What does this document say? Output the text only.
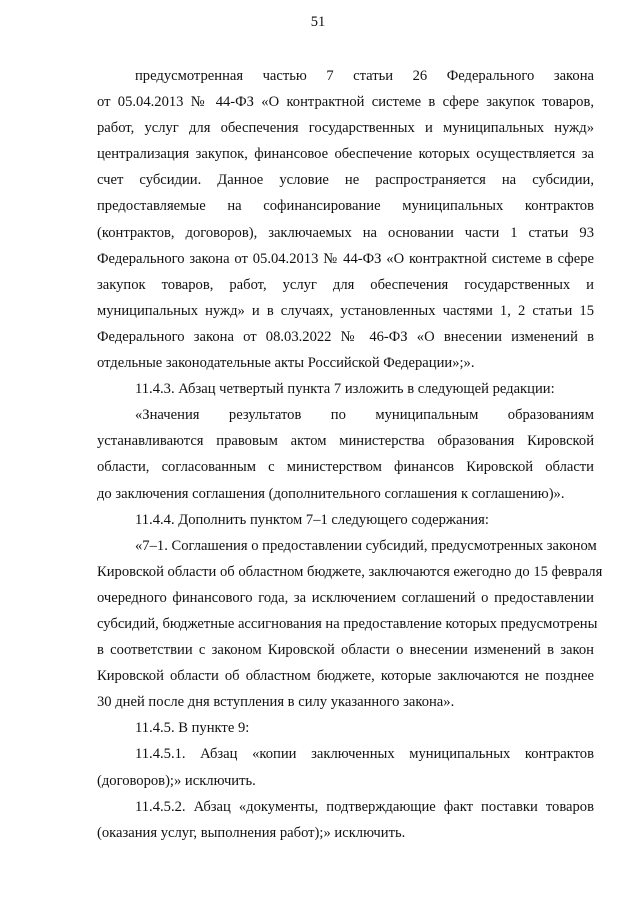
51
предусмотренная частью 7 статьи 26 Федерального закона
от 05.04.2013 № 44-ФЗ «О контрактной системе в сфере закупок товаров,
работ, услуг для обеспечения государственных и муниципальных нужд»
централизация закупок, финансовое обеспечение которых осуществляется за
счет субсидии. Данное условие не распространяется на субсидии,
предоставляемые на софинансирование муниципальных контрактов
(контрактов, договоров), заключаемых на основании части 1 статьи 93
Федерального закона от 05.04.2013 № 44-ФЗ «О контрактной системе в сфере
закупок товаров, работ, услуг для обеспечения государственных и
муниципальных нужд» и в случаях, установленных частями 1, 2 статьи 15
Федерального закона от 08.03.2022 № 46-ФЗ «О внесении изменений в
отдельные законодательные акты Российской Федерации»;».
11.4.3. Абзац четвертый пункта 7 изложить в следующей редакции:
«Значения результатов по муниципальным образованиям
устанавливаются правовым актом министерства образования Кировской
области, согласованным с министерством финансов Кировской области
до заключения соглашения (дополнительного соглашения к соглашению)».
11.4.4. Дополнить пунктом 7–1 следующего содержания:
«7–1. Соглашения о предоставлении субсидий, предусмотренных законом
Кировской области об областном бюджете, заключаются ежегодно до 15 февраля
очередного финансового года, за исключением соглашений о предоставлении
субсидий, бюджетные ассигнования на предоставление которых предусмотрены
в соответствии с законом Кировской области о внесении изменений в закон
Кировской области об областном бюджете, которые заключаются не позднее
30 дней после дня вступления в силу указанного закона».
11.4.5. В пункте 9:
11.4.5.1. Абзац «копии заключенных муниципальных контрактов
(договоров);» исключить.
11.4.5.2. Абзац «документы, подтверждающие факт поставки товаров
(оказания услуг, выполнения работ);» исключить.
